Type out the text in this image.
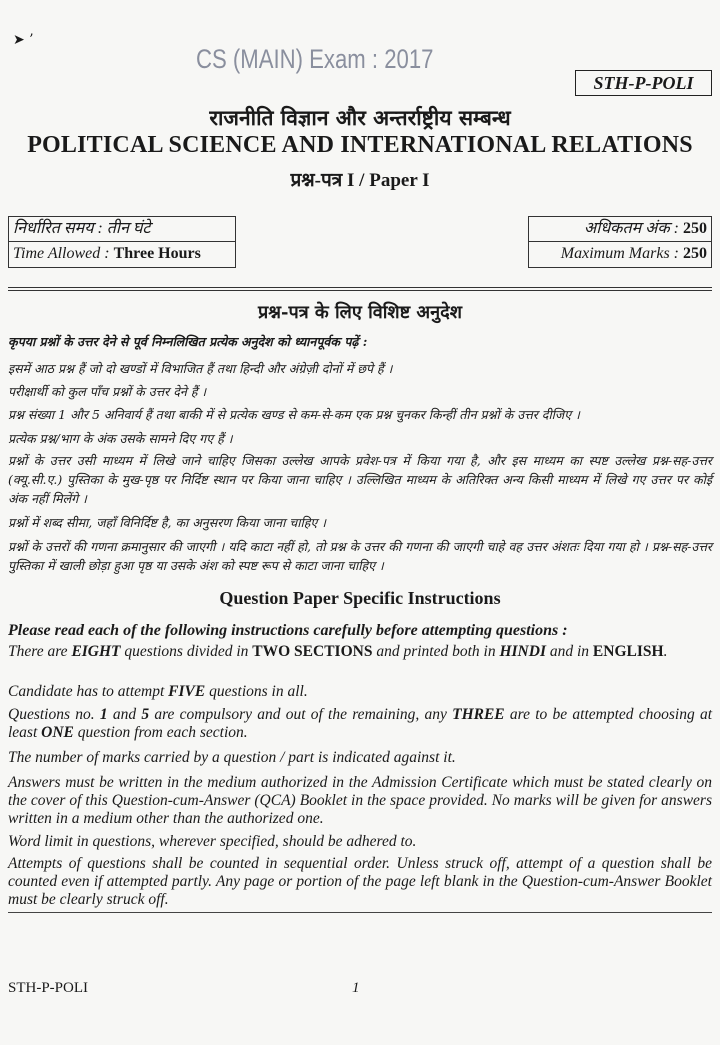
➤ ’
CS (MAIN) Exam : 2017
STH-P-POLI
राजनीति विज्ञान और अन्तर्राष्ट्रीय सम्बन्ध
POLITICAL SCIENCE AND INTERNATIONAL RELATIONS
प्रश्न-पत्र I / Paper I
निर्धारित समय : तीन घंटे
Time Allowed : Three Hours
अधिकतम अंक : 250
Maximum Marks : 250
प्रश्न-पत्र के लिए विशिष्ट अनुदेश
कृपया प्रश्नों के उत्तर देने से पूर्व निम्नलिखित प्रत्येक अनुदेश को ध्यानपूर्वक पढ़ें :
इसमें आठ प्रश्न हैं जो दो खण्डों में विभाजित हैं तथा हिन्दी और अंग्रेज़ी दोनों में छपे हैं ।
परीक्षार्थी को कुल पाँच प्रश्नों के उत्तर देने हैं ।
प्रश्न संख्या 1 और 5 अनिवार्य हैं तथा बाकी में से प्रत्येक खण्ड से कम-से-कम एक प्रश्न चुनकर किन्हीं तीन प्रश्नों के उत्तर दीजिए ।
प्रत्येक प्रश्न/भाग के अंक उसके सामने दिए गए हैं ।
प्रश्नों के उत्तर उसी माध्यम में लिखे जाने चाहिए जिसका उल्लेख आपके प्रवेश-पत्र में किया गया है, और इस माध्यम का स्पष्ट उल्लेख प्रश्न-सह-उत्तर (क्यू.सी.ए.) पुस्तिका के मुख-पृष्ठ पर निर्दिष्ट स्थान पर किया जाना चाहिए । उल्लिखित माध्यम के अतिरिक्त अन्य किसी माध्यम में लिखे गए उत्तर पर कोई अंक नहीं मिलेंगे ।
प्रश्नों में शब्द सीमा, जहाँ विनिर्दिष्ट है, का अनुसरण किया जाना चाहिए ।
प्रश्नों के उत्तरों की गणना क्रमानुसार की जाएगी । यदि काटा नहीं हो, तो प्रश्न के उत्तर की गणना की जाएगी चाहे वह उत्तर अंशतः दिया गया हो । प्रश्न-सह-उत्तर पुस्तिका में खाली छोड़ा हुआ पृष्ठ या उसके अंश को स्पष्ट रूप से काटा जाना चाहिए ।
Question Paper Specific Instructions
Please read each of the following instructions carefully before attempting questions :
There are EIGHT questions divided in TWO SECTIONS and printed both in HINDI and in ENGLISH.
Candidate has to attempt FIVE questions in all.
Questions no. 1 and 5 are compulsory and out of the remaining, any THREE are to be attempted choosing at least ONE question from each section.
The number of marks carried by a question / part is indicated against it.
Answers must be written in the medium authorized in the Admission Certificate which must be stated clearly on the cover of this Question-cum-Answer (QCA) Booklet in the space provided. No marks will be given for answers written in a medium other than the authorized one.
Word limit in questions, wherever specified, should be adhered to.
Attempts of questions shall be counted in sequential order. Unless struck off, attempt of a question shall be counted even if attempted partly. Any page or portion of the page left blank in the Question-cum-Answer Booklet must be clearly struck off.
STH-P-POLI	1
